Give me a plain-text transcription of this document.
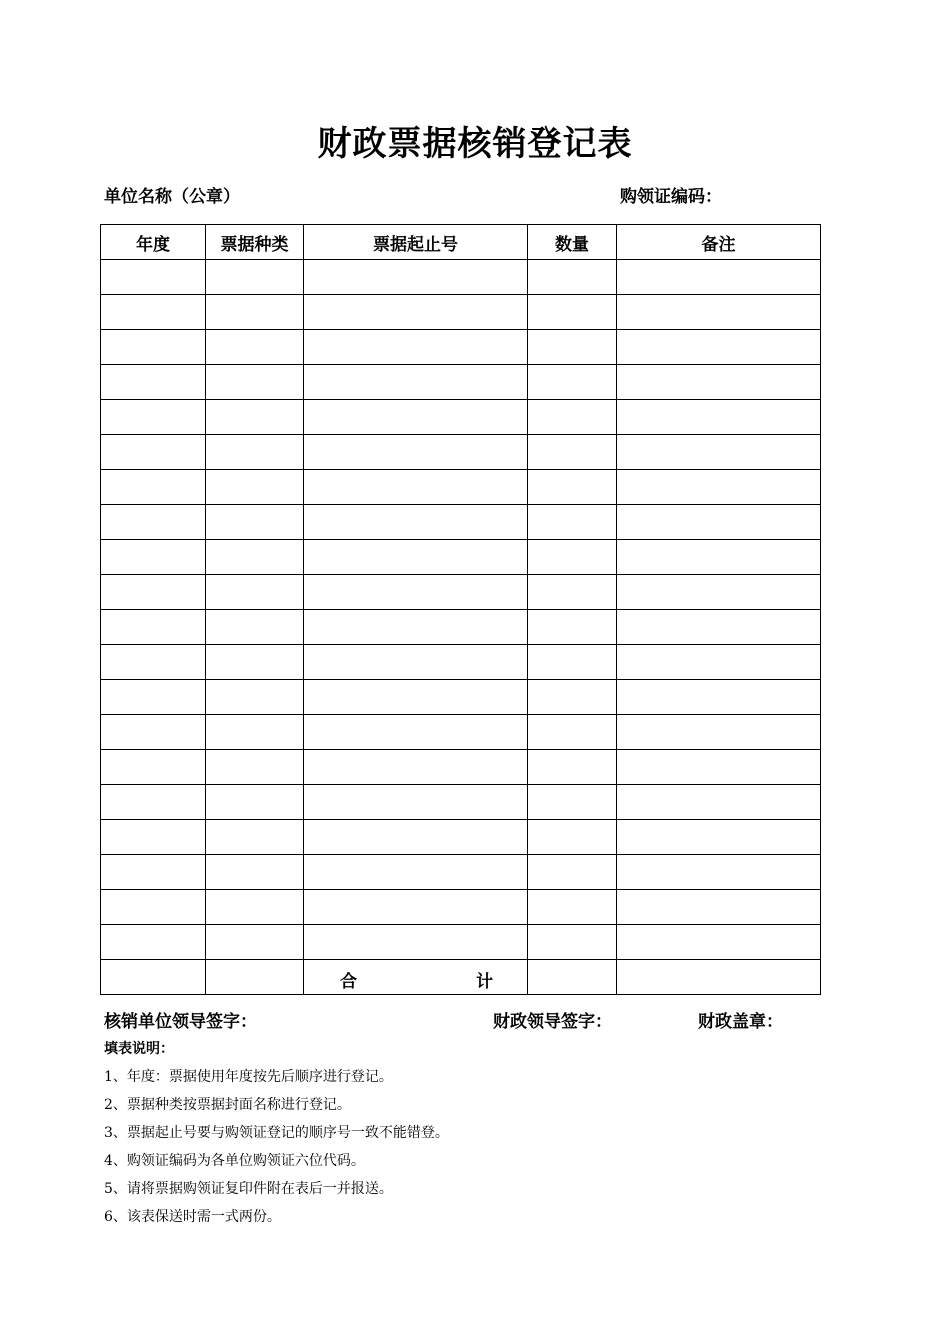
财政票据核销登记表
单位名称（公章）	购领证编码：
年度	票据种类	票据起止号	数量	备注

		合 计		

核销单位领导签字：	财政领导签字：	财政盖章：
填表说明：
1、年度：票据使用年度按先后顺序进行登记。
2、票据种类按票据封面名称进行登记。
3、票据起止号要与购领证登记的顺序号一致不能错登。
4、购领证编码为各单位购领证六位代码。
5、请将票据购领证复印件附在表后一并报送。
6、该表保送时需一式两份。
